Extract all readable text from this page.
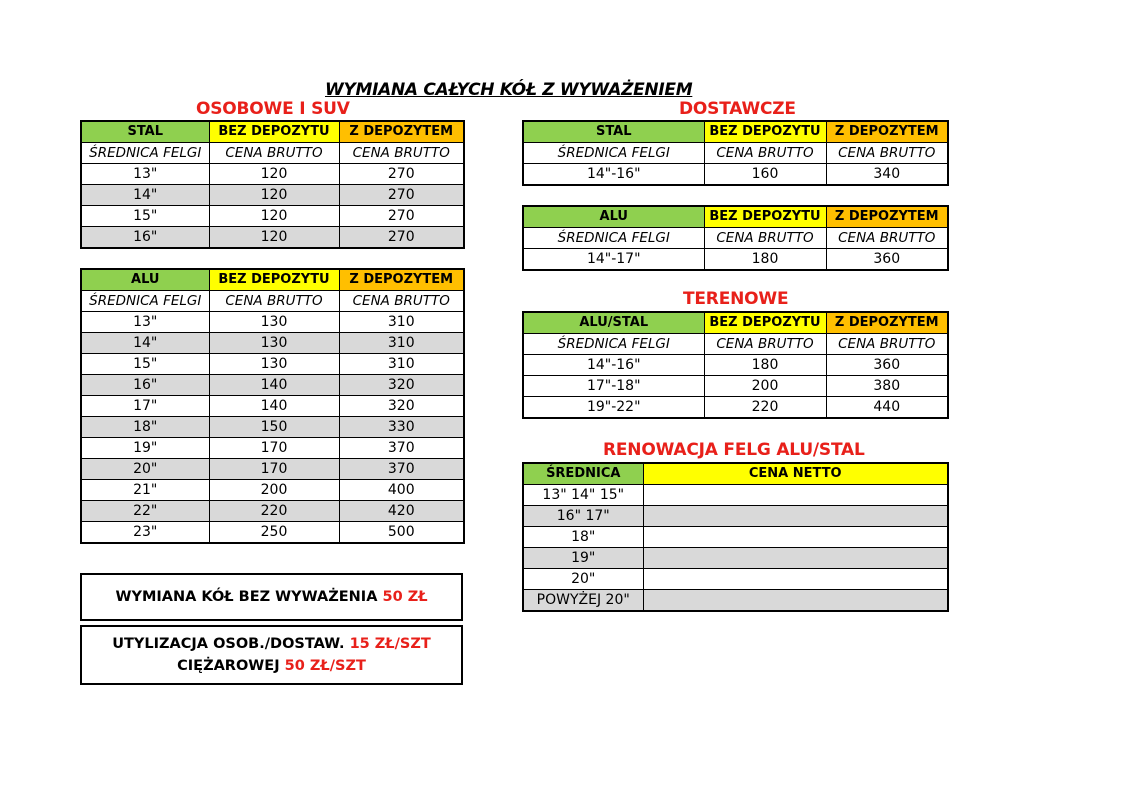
WYMIANA CAŁYCH KÓŁ Z WYWAŻENIEM
OSOBOWE I SUV	DOSTAWCZE
TERENOWE
RENOWACJA FELG ALU/STAL
STAL	BEZ DEPOZYTU	Z DEPOZYTEM
ŚREDNICA FELGI	CENA BRUTTO	CENA BRUTTO
13"	120	270
14"	120	270
15"	120	270
16"	120	270
ALU	BEZ DEPOZYTU	Z DEPOZYTEM
ŚREDNICA FELGI	CENA BRUTTO	CENA BRUTTO
13"	130	310
14"	130	310
15"	130	310
16"	140	320
17"	140	320
18"	150	330
19"	170	370
20"	170	370
21"	200	400
22"	220	420
23"	250	500
STAL	BEZ DEPOZYTU	Z DEPOZYTEM
ŚREDNICA FELGI	CENA BRUTTO	CENA BRUTTO
14"-16"	160	340
ALU	BEZ DEPOZYTU	Z DEPOZYTEM
ŚREDNICA FELGI	CENA BRUTTO	CENA BRUTTO
14"-17"	180	360
ALU/STAL	BEZ DEPOZYTU	Z DEPOZYTEM
ŚREDNICA FELGI	CENA BRUTTO	CENA BRUTTO
14"-16"	180	360
17"-18"	200	380
19"-22"	220	440
ŚREDNICA	CENA NETTO
13" 14" 15"	
16" 17"	
18"	
19"	
20"	
POWYŻEJ 20"	
WYMIANA KÓŁ BEZ WYWAŻENIA 50 ZŁ
UTYLIZACJA OSOB./DOSTAW. 15 ZŁ/SZT
CIĘŻAROWEJ 50 ZŁ/SZT
